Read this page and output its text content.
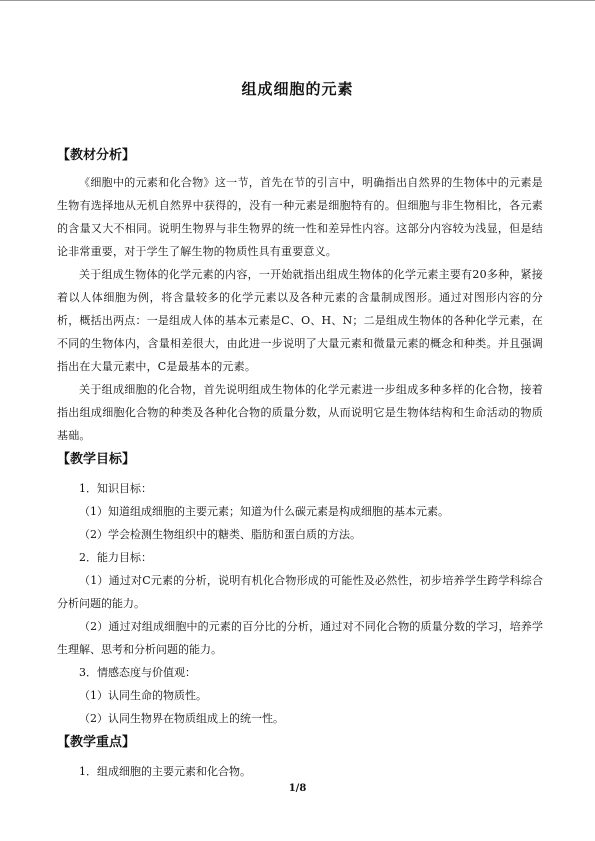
组成细胞的元素
【教材分析】

《细胞中的元素和化合物》这一节，首先在节的引言中，明确指出自然界的生物体中的元素是生物有选择地从无机自然界中获得的，没有一种元素是细胞特有的。但细胞与非生物相比，各元素的含量又大不相同。说明生物界与非生物界的统一性和差异性内容。这部分内容较为浅显，但是结论非常重要，对于学生了解生物的物质性具有重要意义。

关于组成生物体的化学元素的内容，一开始就指出组成生物体的化学元素主要有20多种，紧接着以人体细胞为例，将含量较多的化学元素以及各种元素的含量制成图形。通过对图形内容的分析，概括出两点：一是组成人体的基本元素是C、O、H、N；二是组成生物体的各种化学元素，在不同的生物体内，含量相差很大，由此进一步说明了大量元素和微量元素的概念和种类。并且强调指出在大量元素中，C是最基本的元素。

关于组成细胞的化合物，首先说明组成生物体的化学元素进一步组成多种多样的化合物，接着指出组成细胞化合物的种类及各种化合物的质量分数，从而说明它是生物体结构和生命活动的物质基础。

【教学目标】
1．知识目标：
（1）知道组成细胞的主要元素；知道为什么碳元素是构成细胞的基本元素。
（2）学会检测生物组织中的糖类、脂肪和蛋白质的方法。
2．能力目标：
（1）通过对C元素的分析，说明有机化合物形成的可能性及必然性，初步培养学生跨学科综合分析问题的能力。
（2）通过对组成细胞中的元素的百分比的分析，通过对不同化合物的质量分数的学习，培养学生理解、思考和分析问题的能力。
3．情感态度与价值观：
（1）认同生命的物质性。
（2）认同生物界在物质组成上的统一性。
【教学重点】
1．组成细胞的主要元素和化合物。
1/8
